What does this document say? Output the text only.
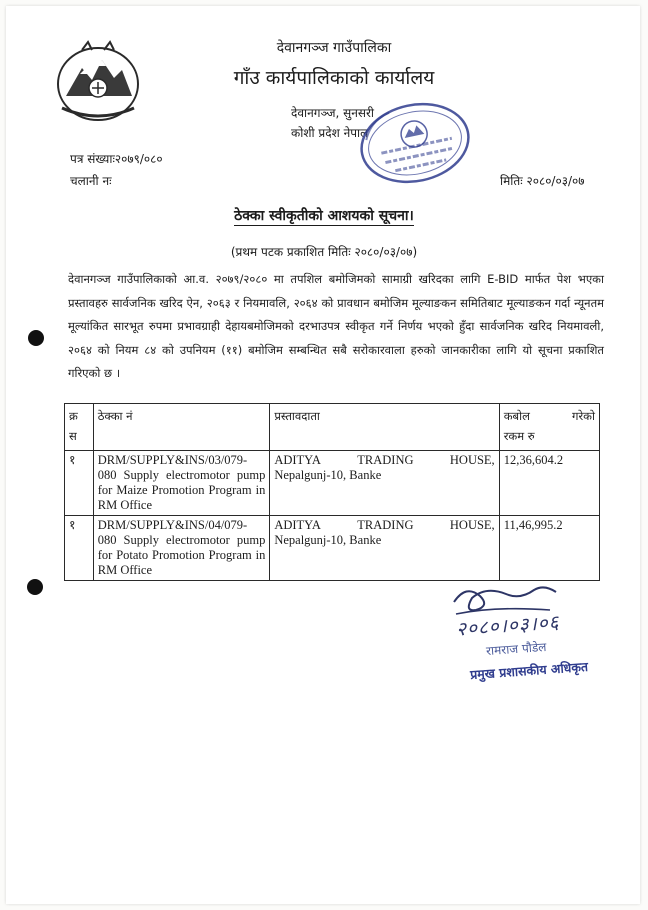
देवानगञ्ज गाउँपालिका
गाँउ कार्यपालिकाको कार्यालय
देवानगञ्ज, सुनसरी
कोशी प्रदेश नेपाल
पत्र संख्याः२०७९/०८०
चलानी नः	मितिः २०८०/०३/०७
ठेक्का स्वीकृतीको आशयको सूचना।
(प्रथम पटक प्रकाशित मितिः २०८०/०३/०७)
देवानगञ्ज गाउँपालिकाको आ.व. २०७९/२०८० मा तपशिल बमोजिमको सामाग्री खरिदका लागि E-BID मार्फत पेश भएका प्रस्तावहरु सार्वजनिक खरिद ऐन, २०६३ र नियमावलि, २०६४ को प्रावधान बमोजिम मूल्याङकन समितिबाट मूल्याङकन गर्दा न्यूनतम मूल्यांकित सारभूत रुपमा प्रभावग्राही देहायबमोजिमको दरभाउपत्र स्वीकृत गर्ने निर्णय भएको हुँदा सार्वजनिक खरिद नियमावली, २०६४ को नियम ८४ को उपनियम (११) बमोजिम सम्बन्धित सबै सरोकारवाला हरुको जानकारीका लागि यो सूचना प्रकाशित गरिएको छ ।
क्र स	ठेक्का नं	प्रस्तावदाता	कबोल गरेको
रकम रु

१	DRM/SUPPLY&INS/03/079-080 Supply electromotor pump for Maize Promotion Program in RM Office	ADITYA TRADING HOUSE,
Nepalgunj-10, Banke	12,36,604.2
१	DRM/SUPPLY&INS/04/079-080 Supply electromotor pump for Potato Promotion Program in RM Office	ADITYA TRADING HOUSE,
Nepalgunj-10, Banke	11,46,995.2
२०८०।०३।०६
रामराज पौडेल
प्रमुख प्रशासकीय अधिकृत
